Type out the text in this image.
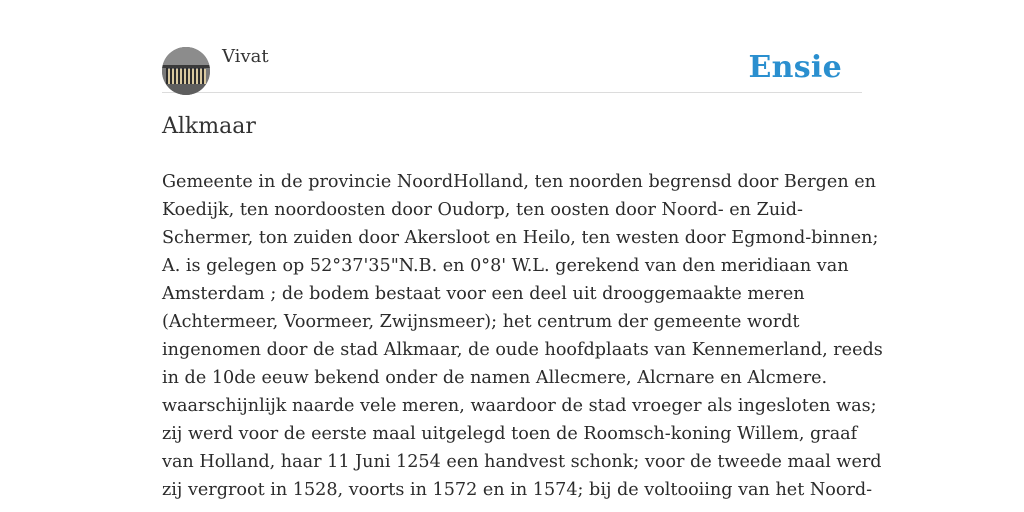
Vivat	Ensie
Alkmaar

Gemeente in de provincie NoordHolland, ten noorden begrensd door Bergen en
Koedijk, ten noordoosten door Oudorp, ten oosten door Noord- en Zuid-
Schermer, ton zuiden door Akersloot en Heilo, ten westen door Egmond-binnen;
A. is gelegen op 52°37'35"N.B. en 0°8' W.L. gerekend van den meridiaan van
Amsterdam ; de bodem bestaat voor een deel uit drooggemaakte meren
(Achtermeer, Voormeer, Zwijnsmeer); het centrum der gemeente wordt
ingenomen door de stad Alkmaar, de oude hoofdplaats van Kennemerland, reeds
in de 10de eeuw bekend onder de namen Allecmere, Alcrnare en Alcmere.
waarschijnlijk naarde vele meren, waardoor de stad vroeger als ingesloten was;
zij werd voor de eerste maal uitgelegd toen de Roomsch-koning Willem, graaf
van Holland, haar 11 Juni 1254 een handvest schonk; voor de tweede maal werd
zij vergroot in 1528, voorts in 1572 en in 1574; bij de voltooiing van het Noord-
